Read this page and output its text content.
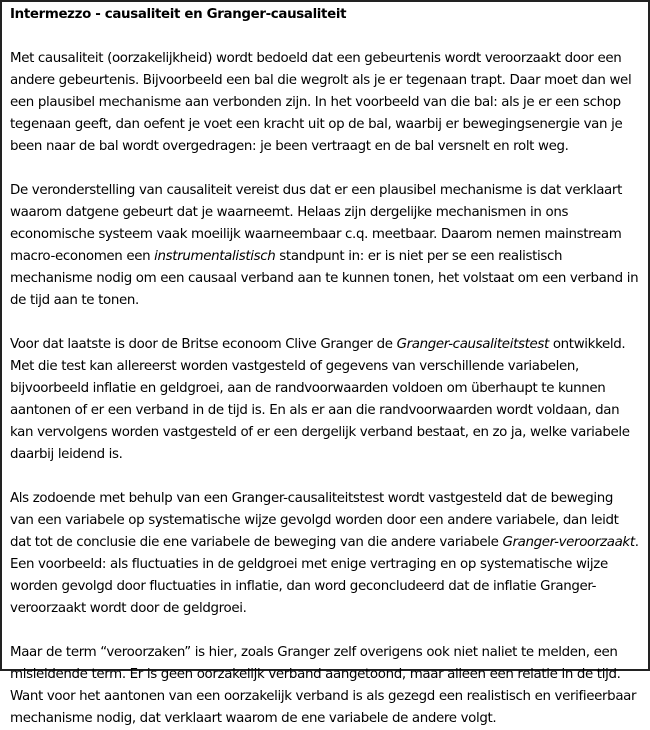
Intermezzo - causaliteit en Granger-causaliteit

Met causaliteit (oorzakelijkheid) wordt bedoeld dat een gebeurtenis wordt veroorzaakt door een andere gebeurtenis. Bijvoorbeeld een bal die wegrolt als je er tegenaan trapt. Daar moet dan wel een plausibel mechanisme aan verbonden zijn. In het voorbeeld van die bal: als je er een schop tegenaan geeft, dan oefent je voet een kracht uit op de bal, waarbij er bewegingsenergie van je been naar de bal wordt overgedragen: je been vertraagt en de bal versnelt en rolt weg.

De veronderstelling van causaliteit vereist dus dat er een plausibel mechanisme is dat verklaart waarom datgene gebeurt dat je waarneemt. Helaas zijn dergelijke mechanismen in ons economische systeem vaak moeilijk waarneembaar c.q. meetbaar. Daarom nemen mainstream macro-economen een instrumentalistisch standpunt in: er is niet per se een realistisch mechanisme nodig om een causaal verband aan te kunnen tonen, het volstaat om een verband in de tijd aan te tonen.

Voor dat laatste is door de Britse econoom Clive Granger de Granger-causaliteitstest ontwikkeld. Met die test kan allereerst worden vastgesteld of gegevens van verschillende variabelen, bijvoorbeeld inflatie en geldgroei, aan de randvoorwaarden voldoen om überhaupt te kunnen aantonen of er een verband in de tijd is. En als er aan die randvoorwaarden wordt voldaan, dan kan vervolgens worden vastgesteld of er een dergelijk verband bestaat, en zo ja, welke variabele daarbij leidend is.

Als zodoende met behulp van een Granger-causaliteitstest wordt vastgesteld dat de beweging van een variabele op systematische wijze gevolgd worden door een andere variabele, dan leidt dat tot de conclusie die ene variabele de beweging van die andere variabele Granger-veroorzaakt. Een voorbeeld: als fluctuaties in de geldgroei met enige vertraging en op systematische wijze worden gevolgd door fluctuaties in inflatie, dan word geconcludeerd dat de inflatie Granger-veroorzaakt wordt door de geldgroei.

Maar de term “veroorzaken” is hier, zoals Granger zelf overigens ook niet naliet te melden, een misleidende term. Er is geen oorzakelijk verband aangetoond, maar alleen een relatie in de tijd. Want voor het aantonen van een oorzakelijk verband is als gezegd een realistisch en verifieerbaar mechanisme nodig, dat verklaart waarom de ene variabele de andere volgt.
